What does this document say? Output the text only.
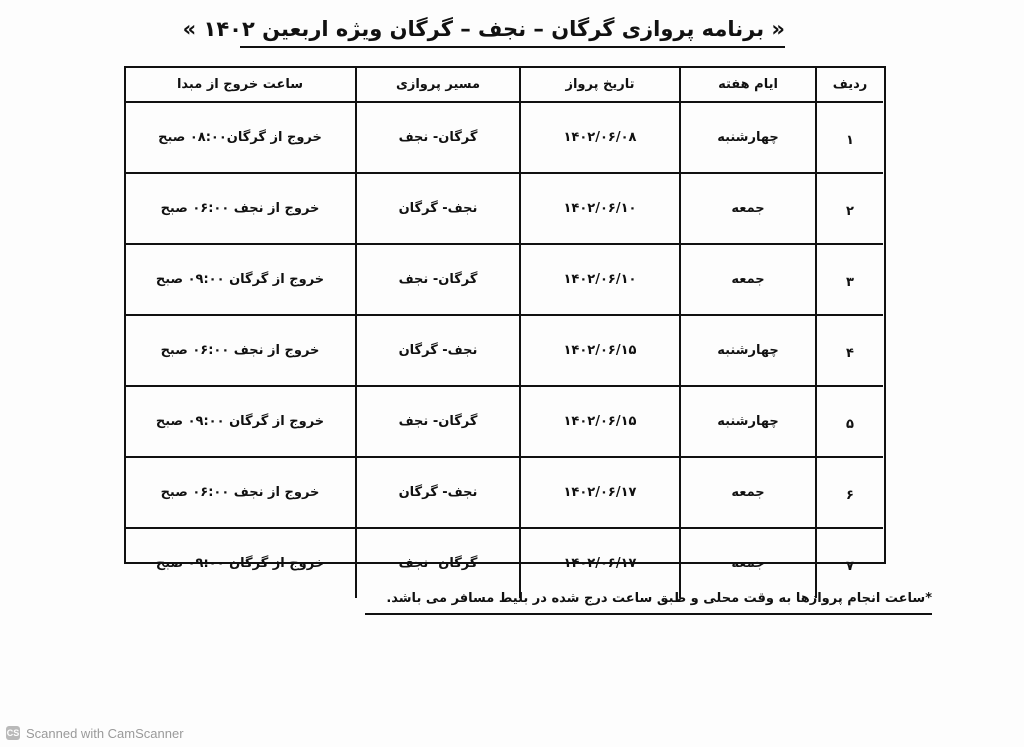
« برنامه پروازی گرگان – نجف – گرگان ویژه اربعین ۱۴۰۲ »
ردیف	ایام هفته	تاریخ پرواز	مسیر پروازی	ساعت خروج از مبدا
۱	چهارشنبه	۱۴۰۲/۰۶/۰۸	گرگان- نجف	خروج از گرگان۰۸:۰۰ صبح
۲	جمعه	۱۴۰۲/۰۶/۱۰	نجف- گرگان	خروج از نجف ۰۶:۰۰ صبح
۳	جمعه	۱۴۰۲/۰۶/۱۰	گرگان- نجف	خروج از گرگان ۰۹:۰۰ صبح
۴	چهارشنبه	۱۴۰۲/۰۶/۱۵	نجف- گرگان	خروج از نجف ۰۶:۰۰ صبح
۵	چهارشنبه	۱۴۰۲/۰۶/۱۵	گرگان- نجف	خروج از گرگان ۰۹:۰۰ صبح
۶	جمعه	۱۴۰۲/۰۶/۱۷	نجف- گرگان	خروج از نجف ۰۶:۰۰ صبح
۷	جمعه	۱۴۰۲/۰۶/۱۷	گرگان- نجف	خروج از گرگان ۰۹:۰۰ صبح
*ساعت انجام پروازها به وقت محلی و طبق ساعت درج شده در بلیط مسافر می باشد.
CS Scanned with CamScanner
